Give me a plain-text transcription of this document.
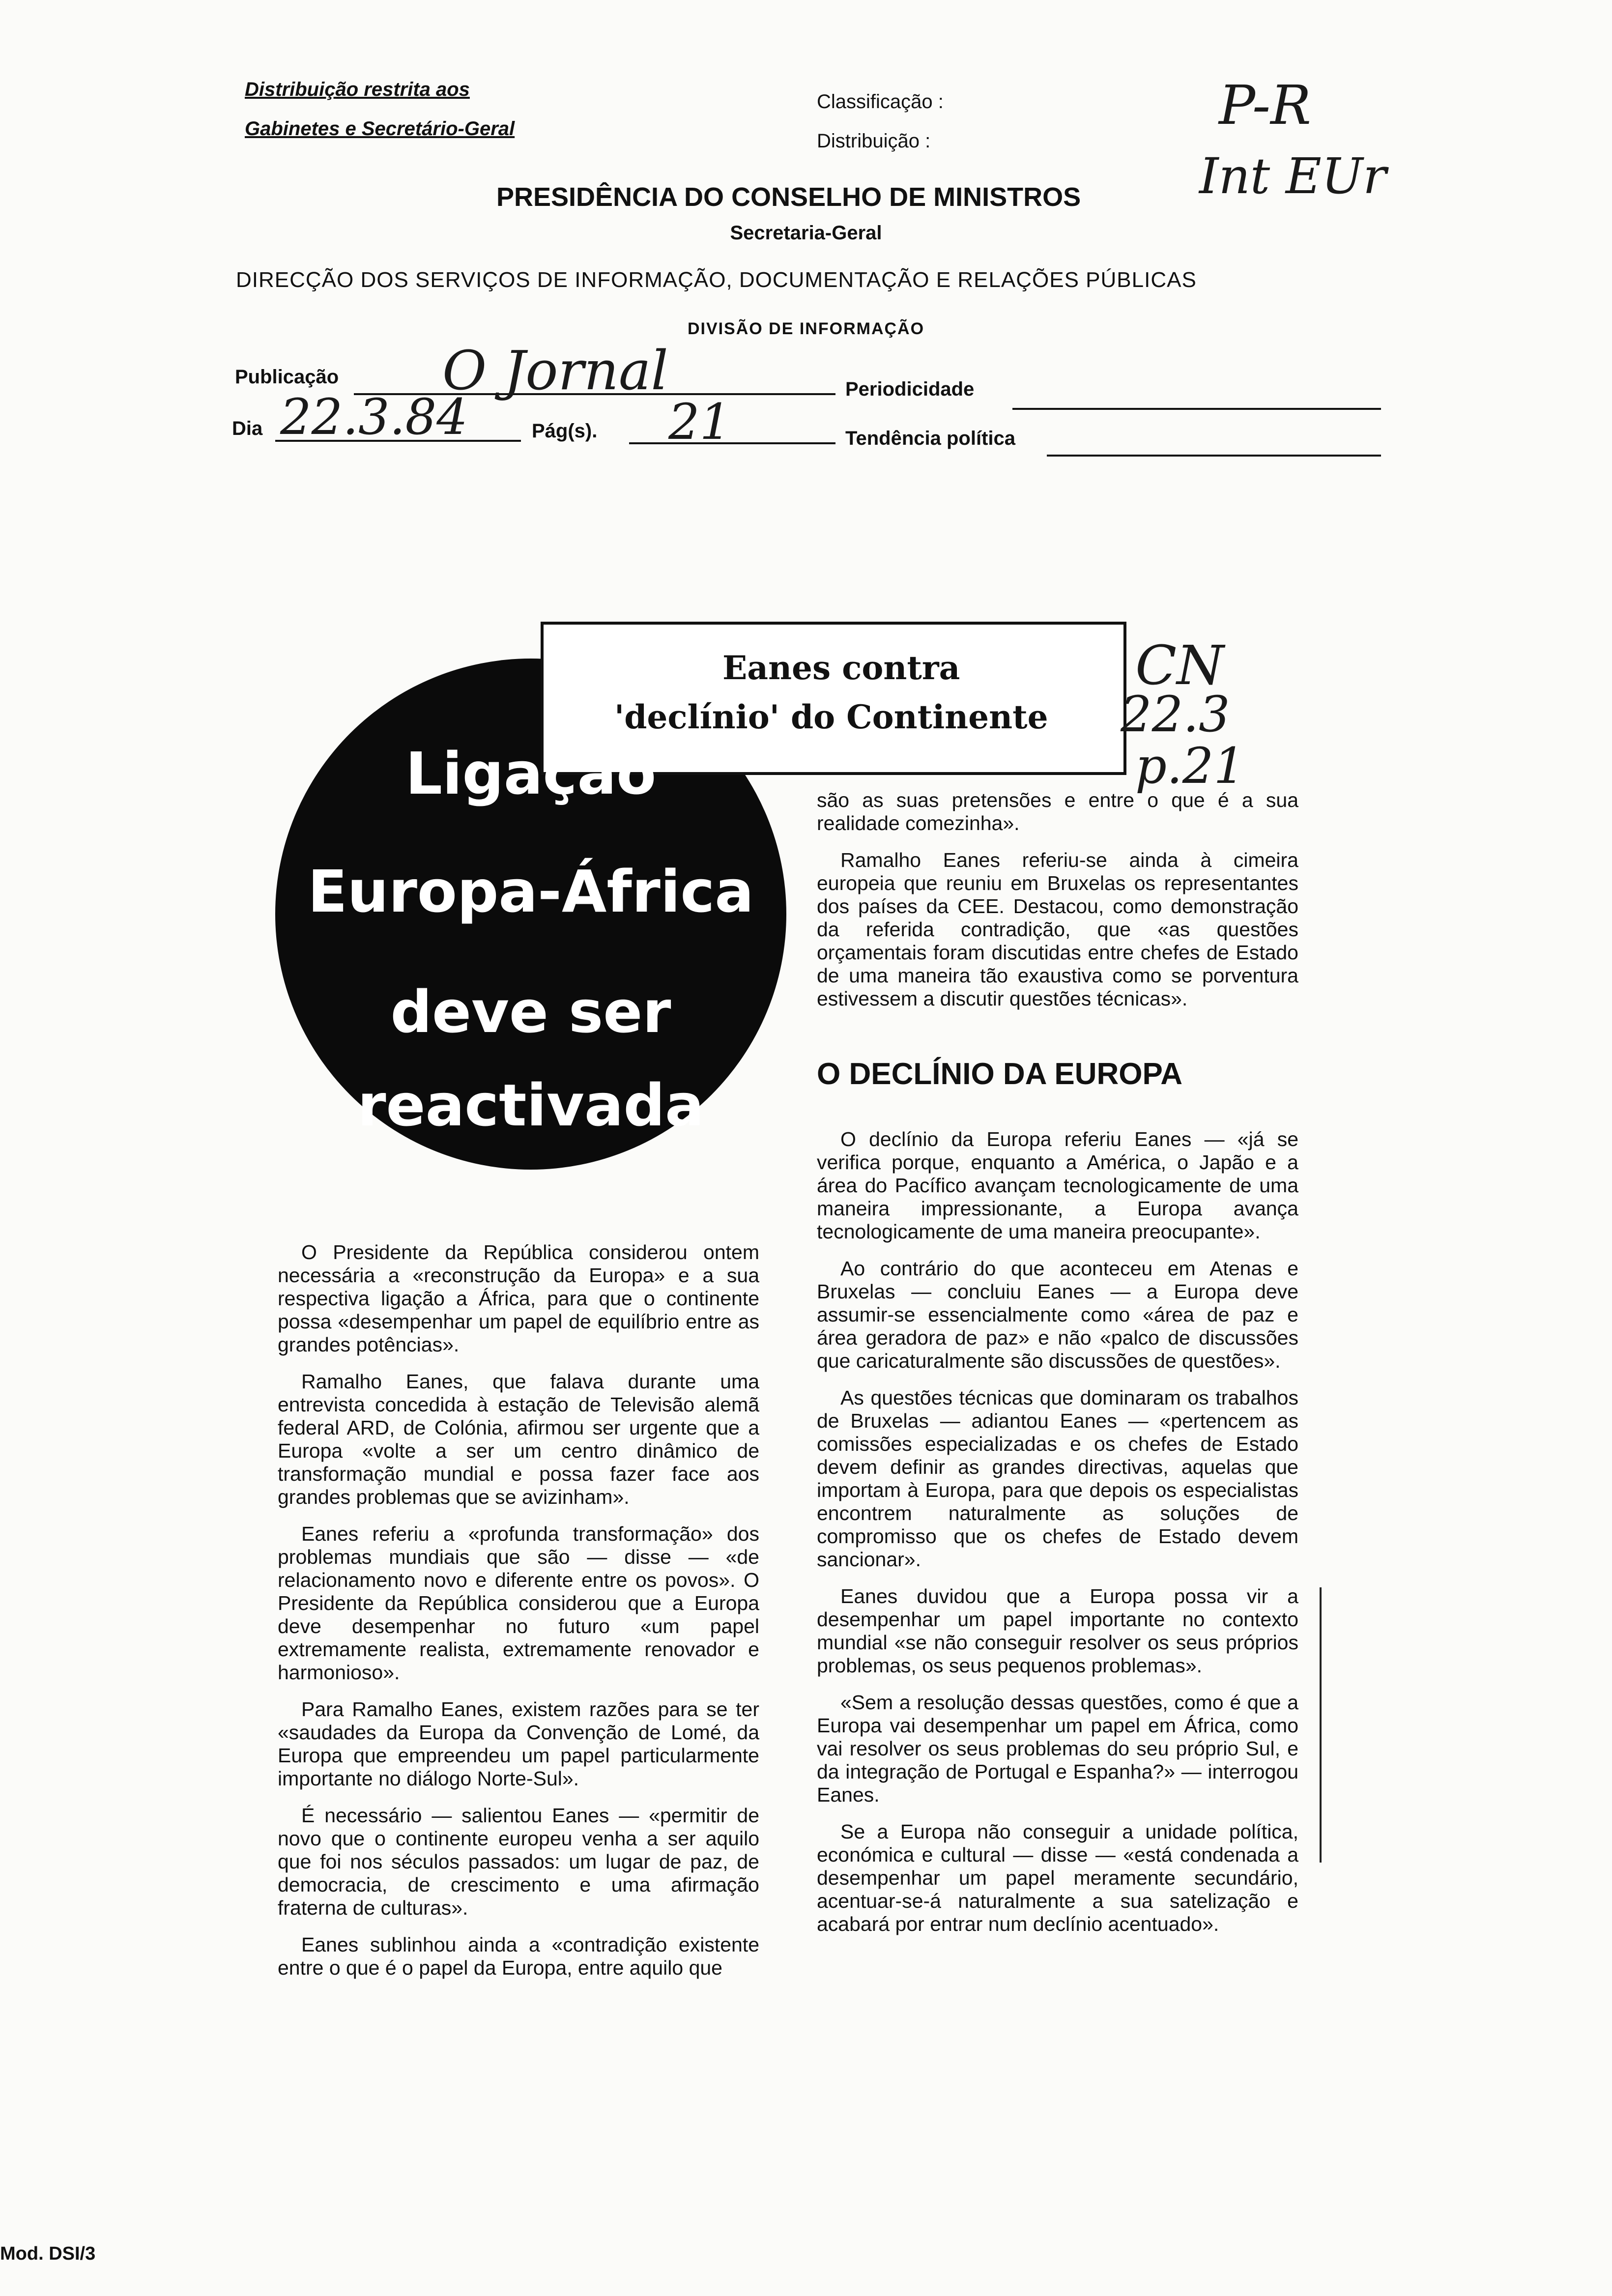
Distribuição restrita aos
Gabinetes e Secretário-Geral
Classificação :
Distribuição :
P-R
Int EUr
PRESIDÊNCIA DO CONSELHO DE MINISTROS
Secretaria-Geral
DIRECÇÃO DOS SERVIÇOS DE INFORMAÇÃO, DOCUMENTAÇÃO E RELAÇÕES PÚBLICAS
DIVISÃO DE INFORMAÇÃO
Publicação O Jornal	Periodicidade
Dia 22.3.84	Pág(s). 21	Tendência política
Eanes contra
'declínio' do Continente
CN
22.3
p.21
Ligação
Europa-África
deve ser
reactivada

O Presidente da República considerou ontem necessária a «reconstrução da Europa» e a sua respectiva ligação a África, para que o continente possa «desempenhar um papel de equilíbrio entre as grandes potências».

Ramalho Eanes, que falava durante uma entrevista concedida à estação de Televisão alemã federal ARD, de Colónia, afirmou ser urgente que a Europa «volte a ser um centro dinâmico de transformação mundial e possa fazer face aos grandes problemas que se avizinham».

Eanes referiu a «profunda transformação» dos problemas mundiais que são — disse — «de relacionamento novo e diferente entre os povos». O Presidente da República considerou que a Europa deve desempenhar no futuro «um papel extremamente realista, extremamente renovador e harmonioso».

Para Ramalho Eanes, existem razões para se ter «saudades da Europa da Convenção de Lomé, da Europa que empreendeu um papel particularmente importante no diálogo Norte-Sul».

É necessário — salientou Eanes — «permitir de novo que o continente europeu venha a ser aquilo que foi nos séculos passados: um lugar de paz, de democracia, de crescimento e uma afirmação fraterna de culturas».

Eanes sublinhou ainda a «contradição existente entre o que é o papel da Europa, entre aquilo que

são as suas pretensões e entre o que é a sua realidade comezinha».

Ramalho Eanes referiu-se ainda à cimeira europeia que reuniu em Bruxelas os representantes dos países da CEE. Destacou, como demonstração da referida contradição, que «as questões orçamentais foram discutidas entre chefes de Estado de uma maneira tão exaustiva como se porventura estivessem a discutir questões técnicas».

O DECLÍNIO DA EUROPA

O declínio da Europa referiu Eanes — «já se verifica porque, enquanto a América, o Japão e a área do Pacífico avançam tecnologicamente de uma maneira impressionante, a Europa avança tecnologicamente de uma maneira preocupante».

Ao contrário do que aconteceu em Atenas e Bruxelas — concluiu Eanes — a Europa deve assumir-se essencialmente como «área de paz e área geradora de paz» e não «palco de discussões que caricaturalmente são discussões de questões».

As questões técnicas que dominaram os trabalhos de Bruxelas — adiantou Eanes — «pertencem as comissões especializadas e os chefes de Estado devem definir as grandes directivas, aquelas que importam à Europa, para que depois os especialistas encontrem naturalmente as soluções de compromisso que os chefes de Estado devem sancionar».

Eanes duvidou que a Europa possa vir a desempenhar um papel importante no contexto mundial «se não conseguir resolver os seus próprios problemas, os seus pequenos problemas».

«Sem a resolução dessas questões, como é que a Europa vai desempenhar um papel em África, como vai resolver os seus problemas do seu próprio Sul, e da integração de Portugal e Espanha?» — interrogou Eanes.

Se a Europa não conseguir a unidade política, económica e cultural — disse — «está condenada a desempenhar um papel meramente secundário, acentuar-se-á naturalmente a sua satelização e acabará por entrar num declínio acentuado».

Mod. DSI/3
